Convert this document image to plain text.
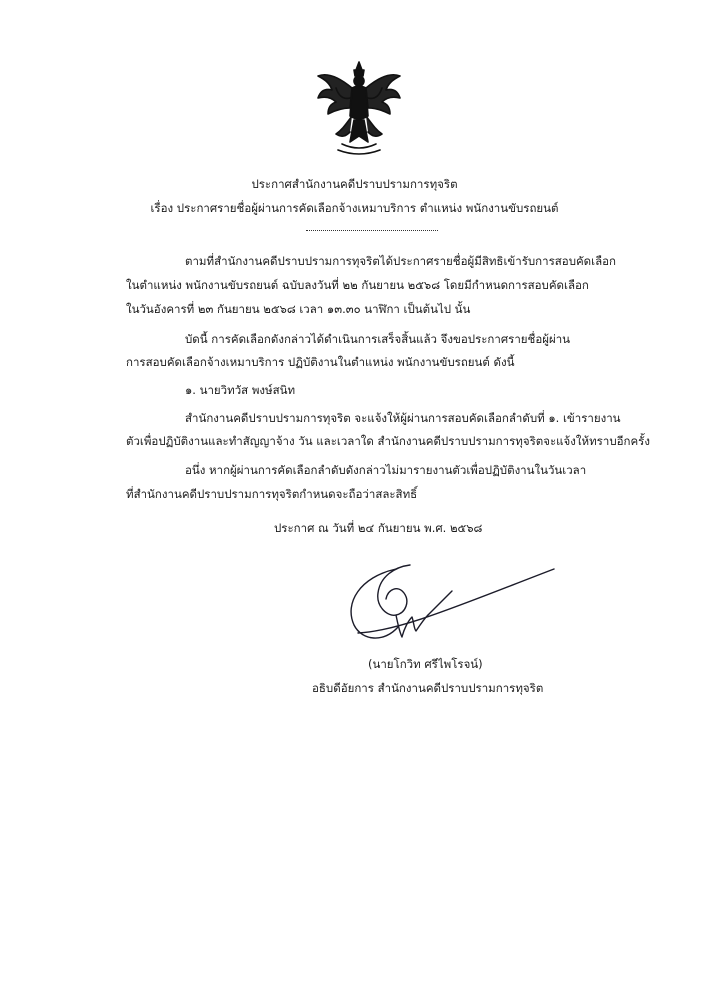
ประกาศสำนักงานคดีปราบปรามการทุจริต
เรื่อง ประกาศรายชื่อผู้ผ่านการคัดเลือกจ้างเหมาบริการ ตำแหน่ง พนักงานขับรถยนต์
ตามที่สำนักงานคดีปราบปรามการทุจริตได้ประกาศรายชื่อผู้มีสิทธิเข้ารับการสอบคัดเลือก
ในตำแหน่ง พนักงานขับรถยนต์ ฉบับลงวันที่ ๒๒ กันยายน ๒๕๖๘ โดยมีกำหนดการสอบคัดเลือก
ในวันอังคารที่ ๒๓ กันยายน ๒๕๖๘ เวลา ๑๓.๓๐ นาฬิกา เป็นต้นไป นั้น
บัดนี้ การคัดเลือกดังกล่าวได้ดำเนินการเสร็จสิ้นแล้ว จึงขอประกาศรายชื่อผู้ผ่าน
การสอบคัดเลือกจ้างเหมาบริการ ปฏิบัติงานในตำแหน่ง พนักงานขับรถยนต์ ดังนี้
๑. นายวิทวัส พงษ์สนิท
สำนักงานคดีปราบปรามการทุจริต จะแจ้งให้ผู้ผ่านการสอบคัดเลือกลำดับที่ ๑. เข้ารายงาน
ตัวเพื่อปฏิบัติงานและทำสัญญาจ้าง วัน และเวลาใด สำนักงานคดีปราบปรามการทุจริตจะแจ้งให้ทราบอีกครั้ง
อนึ่ง หากผู้ผ่านการคัดเลือกลำดับดังกล่าวไม่มารายงานตัวเพื่อปฏิบัติงานในวันเวลา
ที่สำนักงานคดีปราบปรามการทุจริตกำหนดจะถือว่าสละสิทธิ์
ประกาศ ณ วันที่ ๒๔ กันยายน พ.ศ. ๒๕๖๘
(นายโกวิท ศรีไพโรจน์)
อธิบดีอัยการ สำนักงานคดีปราบปรามการทุจริต
